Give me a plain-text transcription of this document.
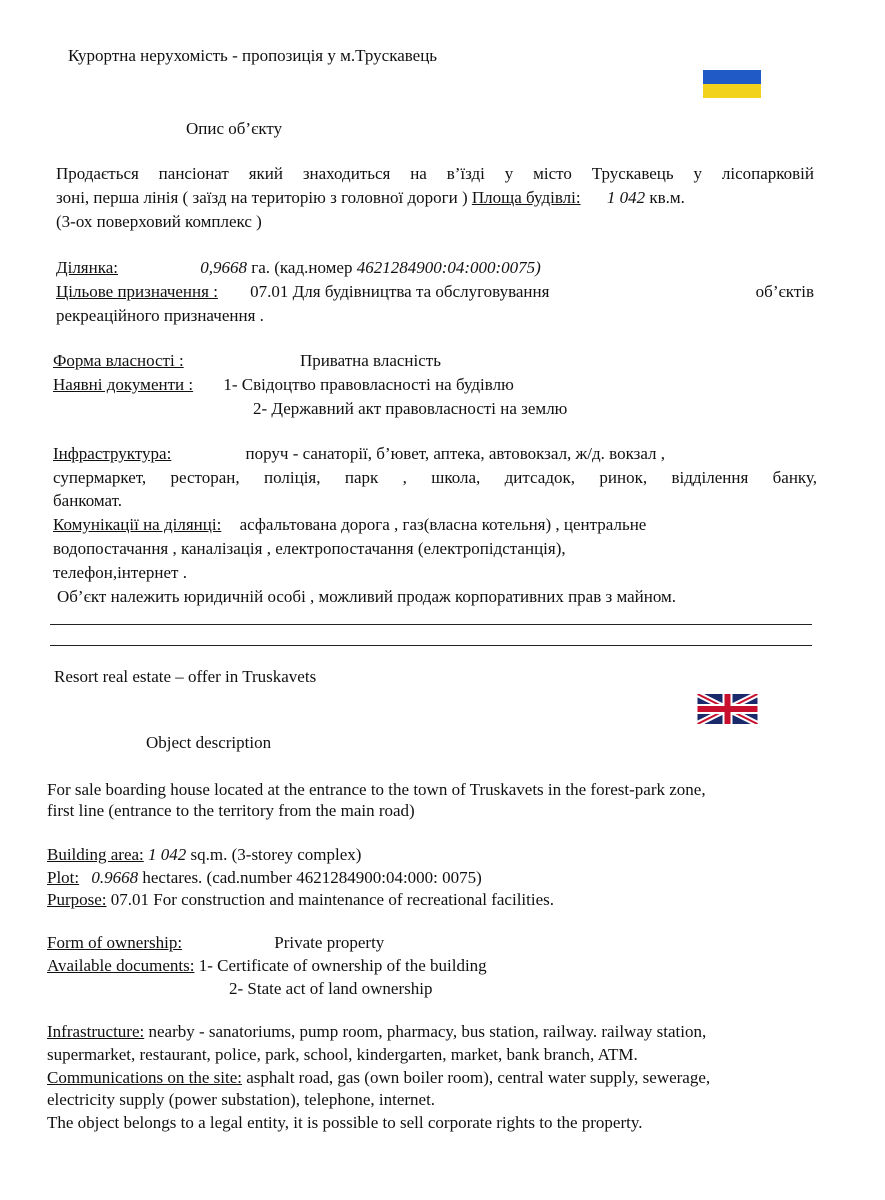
Курортна нерухомість - пропозиція у м.Трускавець
Опис об’єкту
Продається пансіонат який знаходиться на в’їзді у місто Трускавець у лісопарковій
зоні, перша лінія ( заїзд на територію з головної дороги ) Площа будівлі: 1 042 кв.м.
(3-ох поверховий комплекс )
Ділянка:	0,9668 га. (кад.номер 4621284900:04:000:0075)
Цільове призначення : 07.01 Для будівництва та обслуговування	об’єктів
рекреаційного призначення .
Форма власності :	Приватна власність
Наявні документи : 1- Свідоцтво правовласності на будівлю
2- Державний акт правовласності на землю
Інфраструктура:	поруч - санаторії, б’ювет, аптека, автовокзал, ж/д. вокзал ,
супермаркет, ресторан, поліція, парк , школа, дитсадок, ринок, відділення банку,
банкомат.
Комунікації на ділянці: асфальтована дорога , газ(власна котельня) , центральне
водопостачання , каналізація , електропостачання (електропідстанція),
телефон,інтернет .
Об’єкт належить юридичній особі , можливий продаж корпоративних прав з майном.
Resort real estate – offer in Truskavets
Object description
For sale boarding house located at the entrance to the town of Truskavets in the forest-park zone,
first line (entrance to the territory from the main road)
Building area: 1 042 sq.m. (3-storey complex)
Plot: 0.9668 hectares. (cad.number 4621284900:04:000: 0075)
Purpose: 07.01 For construction and maintenance of recreational facilities.
Form of ownership:	Private property
Available documents: 1- Certificate of ownership of the building
2- State act of land ownership
Infrastructure: nearby - sanatoriums, pump room, pharmacy, bus station, railway. railway station,
supermarket, restaurant, police, park, school, kindergarten, market, bank branch, ATM.
Communications on the site: asphalt road, gas (own boiler room), central water supply, sewerage,
electricity supply (power substation), telephone, internet.
The object belongs to a legal entity, it is possible to sell corporate rights to the property.
